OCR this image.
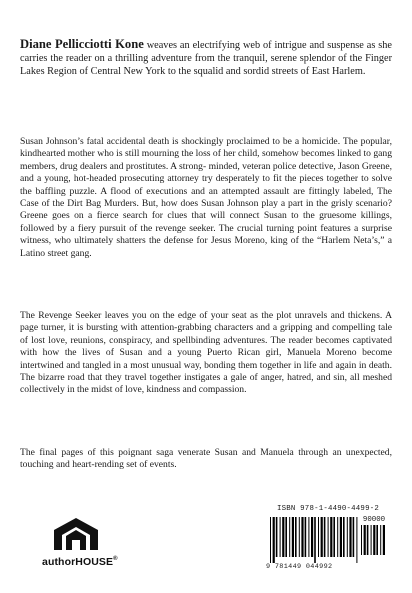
Diane Pellicciotti Kone weaves an electrifying web of intrigue and suspense as she carries the reader on a thrilling adventure from the tranquil, serene splendor of the Finger Lakes Region of Central New York to the squalid and sordid streets of East Harlem.

Susan Johnson’s fatal accidental death is shockingly proclaimed to be a homicide. The popular, kindhearted mother who is still mourning the loss of her child, somehow becomes linked to gang members, drug dealers and prostitutes. A strong- minded, veteran police detective, Jason Greene, and a young, hot-headed prosecuting attorney try desperately to fit the pieces together to solve the baffling puzzle. A flood of executions and an attempted assault are fittingly labeled, The Case of the Dirt Bag Murders. But, how does Susan Johnson play a part in the grisly scenario? Greene goes on a fierce search for clues that will connect Susan to the gruesome killings, followed by a fiery pursuit of the revenge seeker. The crucial turning point features a surprise witness, who ultimately shatters the defense for Jesus Moreno, king of the “Harlem Neta’s,” a Latino street gang.

The Revenge Seeker leaves you on the edge of your seat as the plot unravels and thickens. A page turner, it is bursting with attention-grabbing characters and a gripping and compelling tale of lost love, reunions, conspiracy, and spellbinding adventures. The reader becomes captivated with how the lives of Susan and a young Puerto Rican girl, Manuela Moreno become intertwined and tangled in a most unusual way, bonding them together in life and again in death. The bizarre road that they travel together instigates a gale of anger, hatred, and sin, all meshed collectively in the midst of love, kindness and compassion.

The final pages of this poignant saga venerate Susan and Manuela through an unexpected, touching and heart-rending set of events.

authorHOUSE®
ISBN 978-1-4490-4499-2
90000
9 781449 044992
